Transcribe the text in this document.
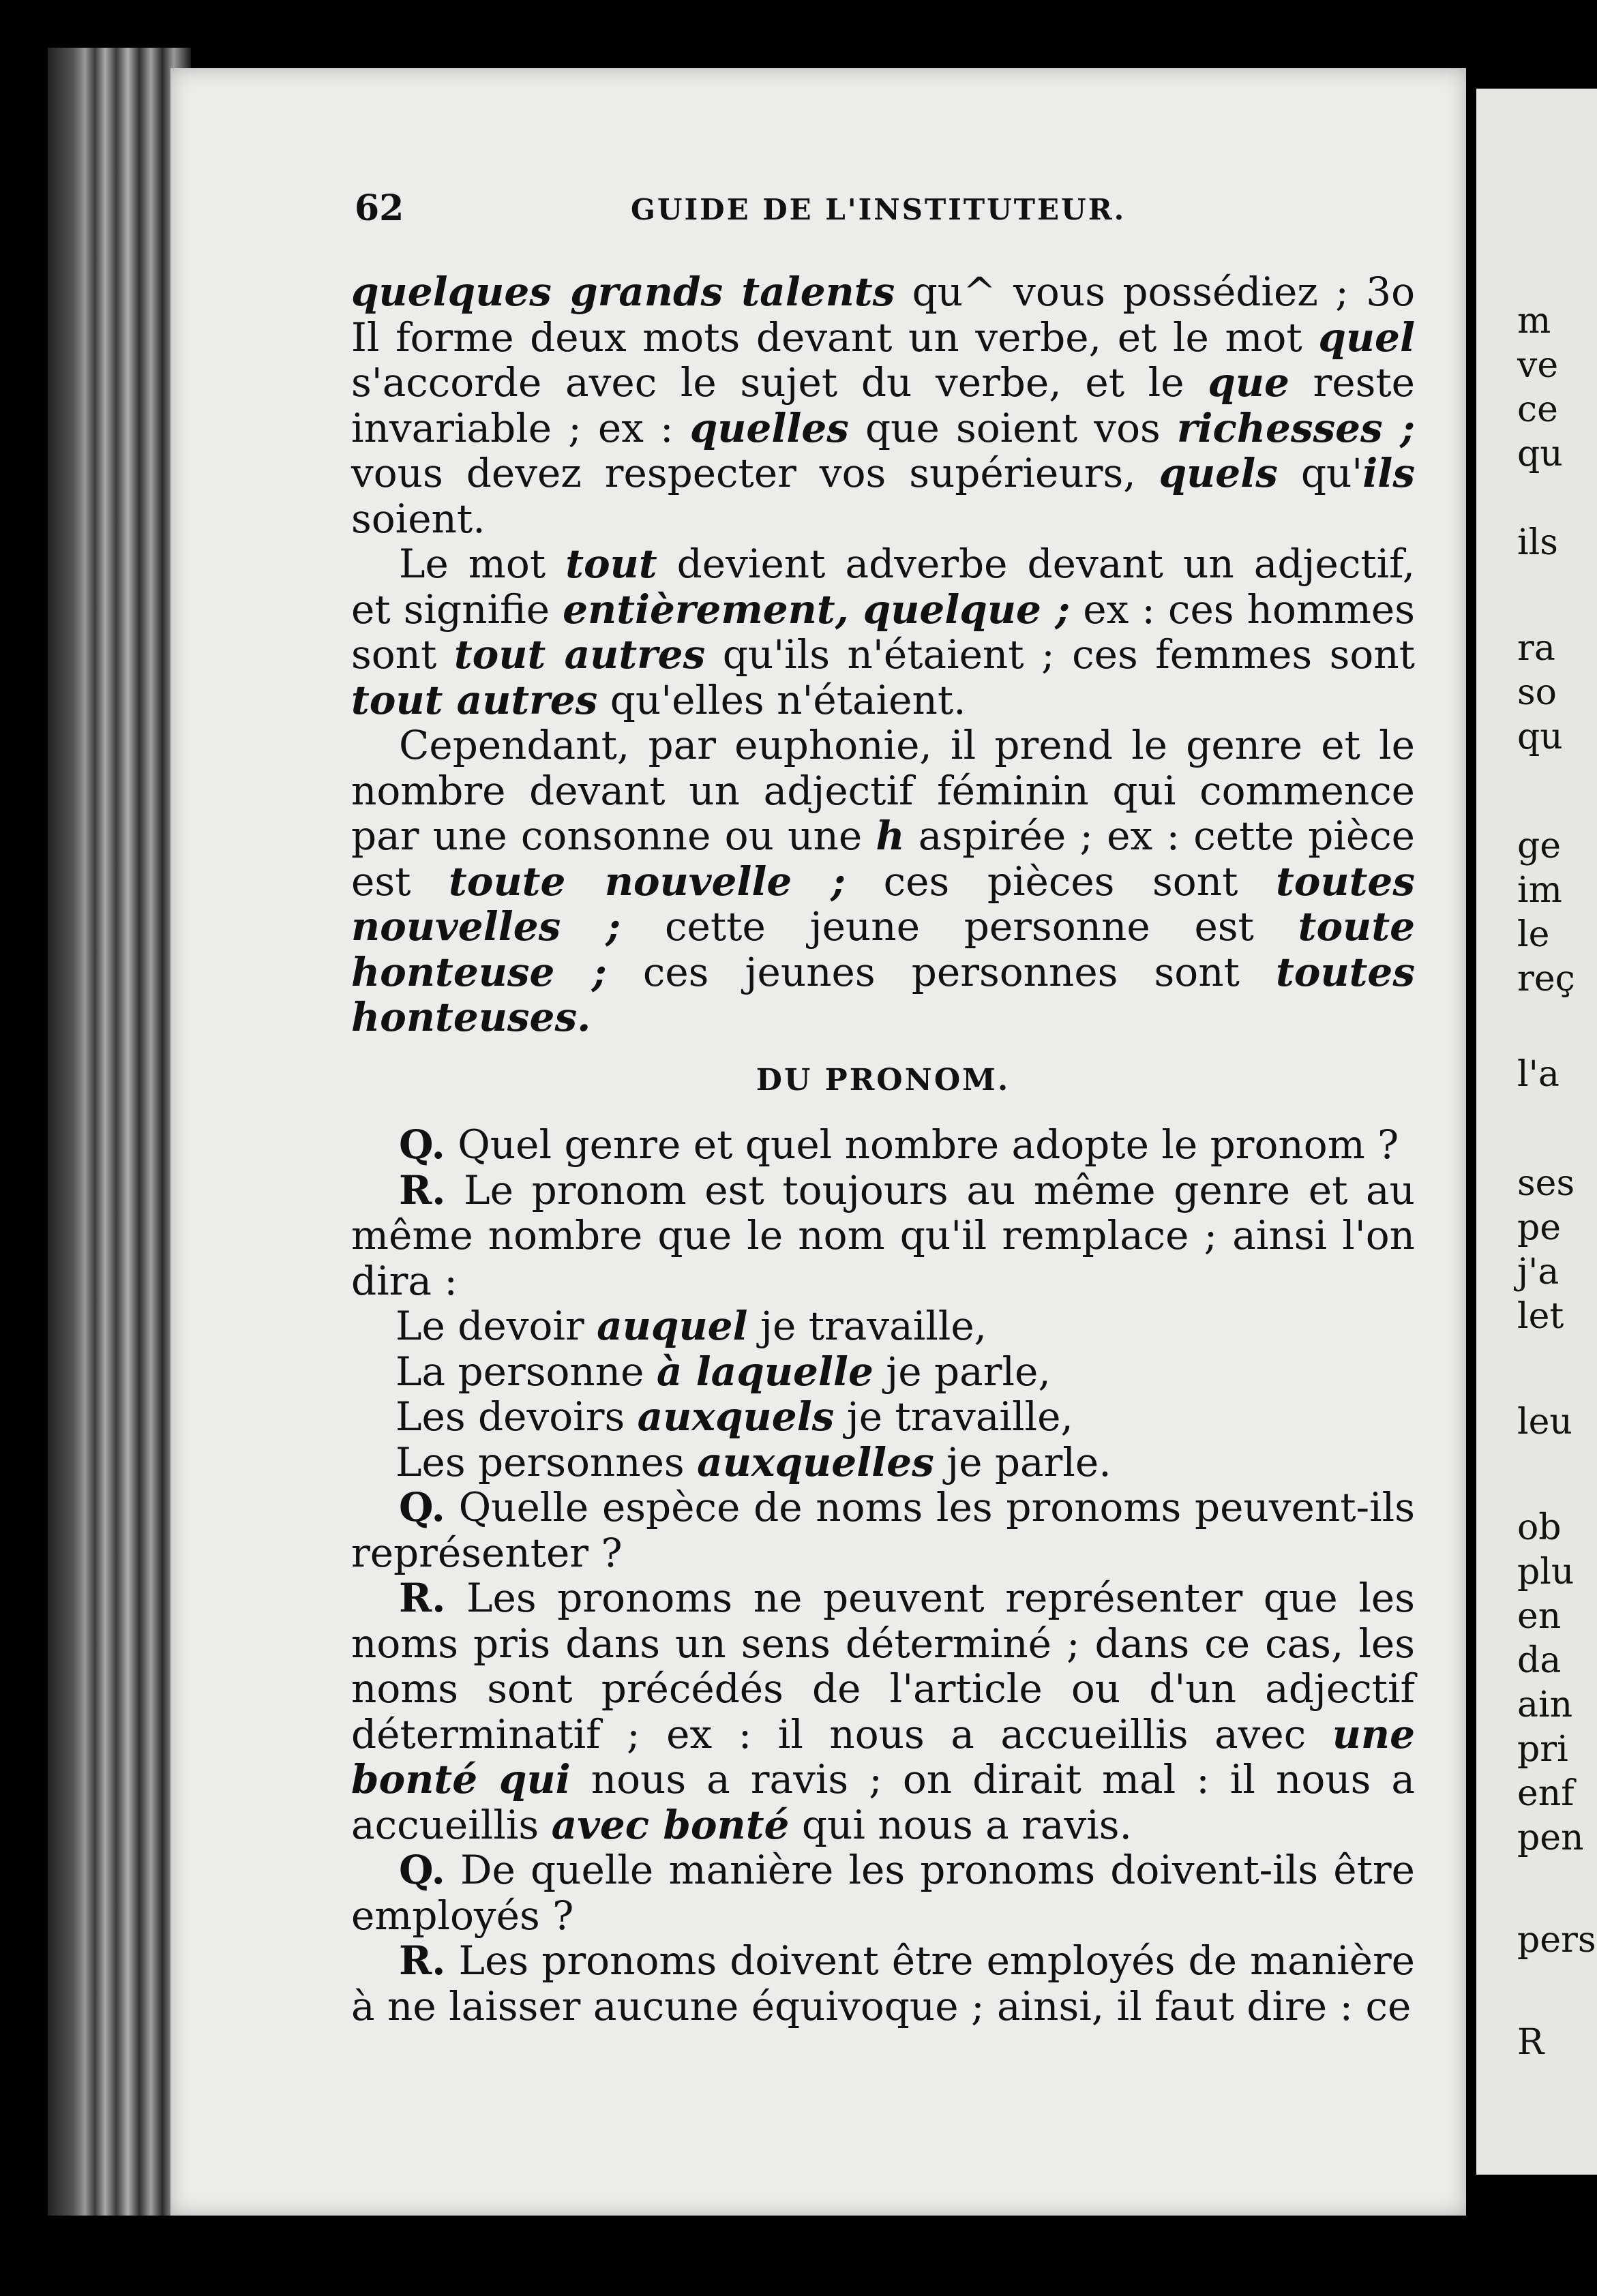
m
ve
ce
qu
ils
ra
so
qu
ge
im
le
reç
l'a
ses
pe
j'a
let
leu
ob
plu
en
da
ain
pri
enf
pen
pers
R
62	GUIDE DE L'INSTITUTEUR.

quelques grands talents qu^ vous possédiez ; 3o Il forme deux mots devant un verbe, et le mot quel s'accorde avec le sujet du verbe, et le que reste invariable ; ex : quelles que soient vos richesses ; vous devez respecter vos supérieurs, quels qu'ils soient.

Le mot tout devient adverbe devant un adjectif, et signifie entièrement, quelque ; ex : ces hommes sont tout autres qu'ils n'étaient ; ces femmes sont tout autres qu'elles n'étaient.

Cependant, par euphonie, il prend le genre et le nombre devant un adjectif féminin qui commence par une consonne ou une h aspirée ; ex : cette pièce est toute nouvelle ; ces pièces sont toutes nouvelles ; cette jeune personne est toute honteuse ; ces jeunes personnes sont toutes honteuses.

DU PRONOM.

Q. Quel genre et quel nombre adopte le pronom ?

R. Le pronom est toujours au même genre et au même nombre que le nom qu'il remplace ; ainsi l'on dira :

Le devoir auquel je travaille,

La personne à laquelle je parle,

Les devoirs auxquels je travaille,

Les personnes auxquelles je parle.

Q. Quelle espèce de noms les pronoms peuvent-ils représenter ?

R. Les pronoms ne peuvent représenter que les noms pris dans un sens déterminé ; dans ce cas, les noms sont précédés de l'article ou d'un adjectif déterminatif ; ex : il nous a accueillis avec une bonté qui nous a ravis ; on dirait mal : il nous a accueillis avec bonté qui nous a ravis.

Q. De quelle manière les pronoms doivent-ils être employés ?

R. Les pronoms doivent être employés de manière à ne laisser aucune équivoque ; ainsi, il faut dire : ce
